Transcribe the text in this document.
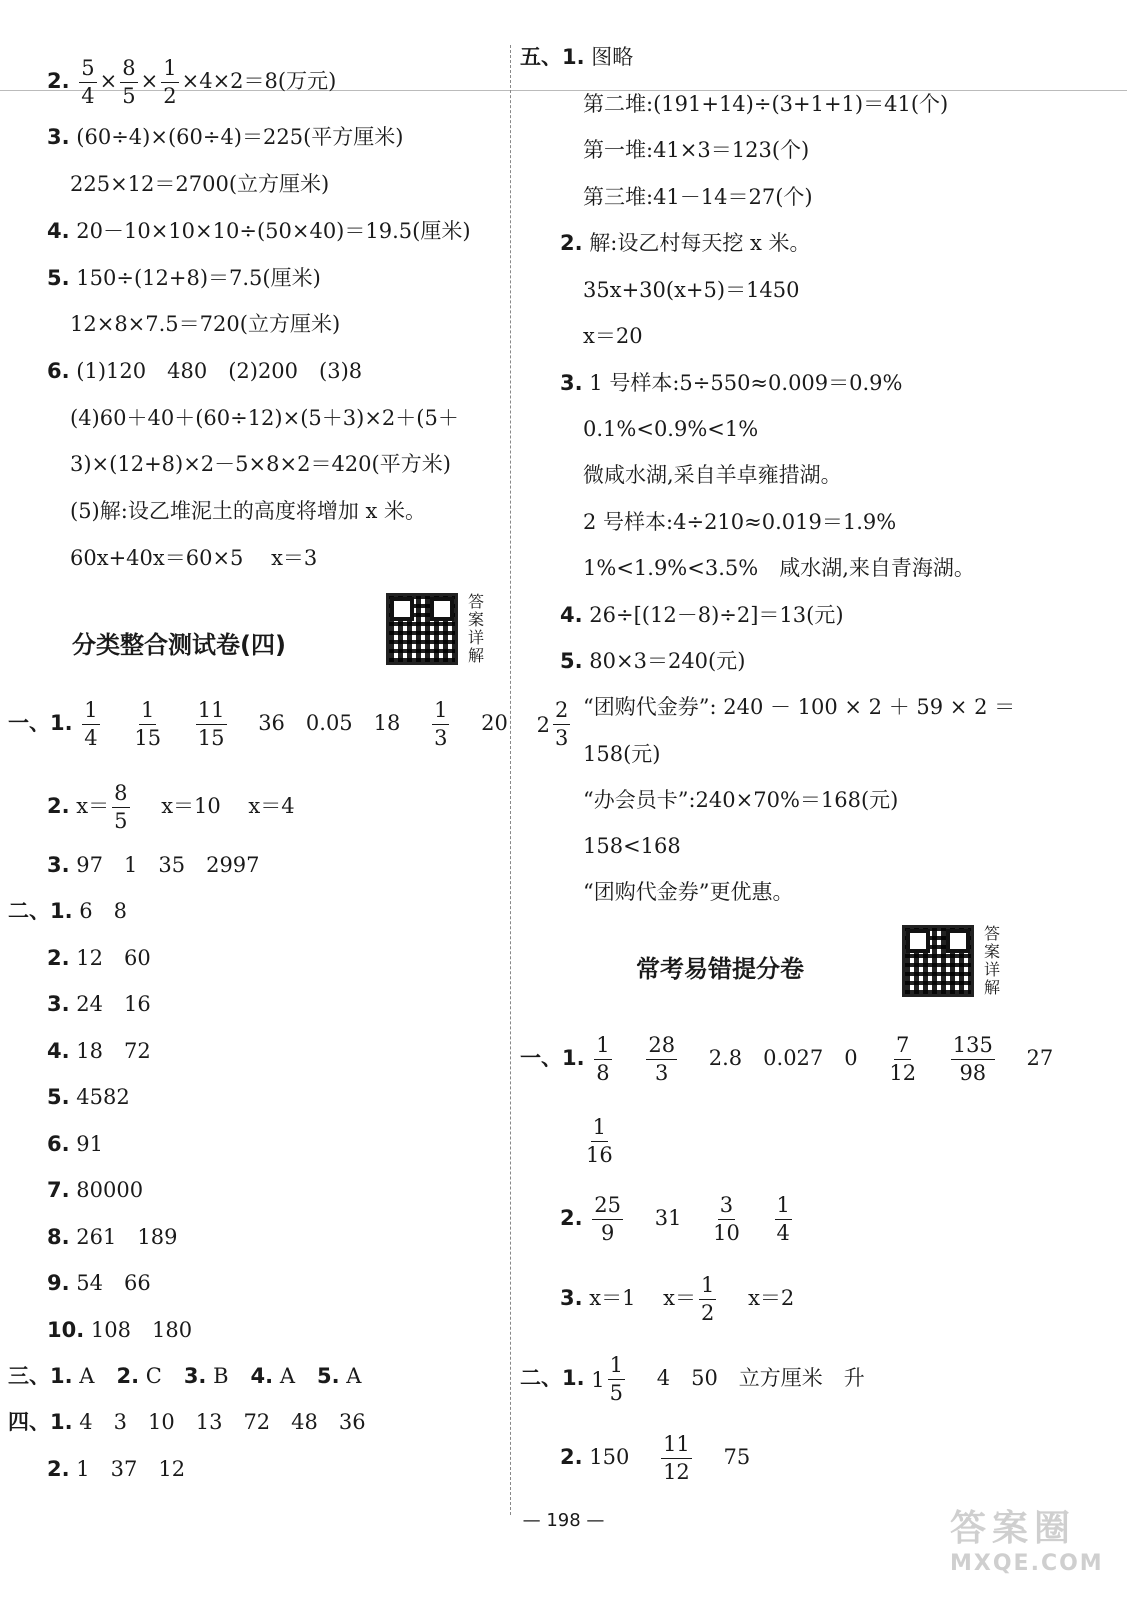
2. $\frac{5}{4} \times \frac{8}{5} \times \frac{1}{2} \times 4\times 2=8$(万元)
3. (60÷4)×(60÷4)＝225(平方厘米)
225×12＝2700(立方厘米)
4. 20－10×10×10÷(50×40)＝19.5(厘米)
5. 150÷(12+8)＝7.5(厘米)
12×8×7.5＝720(立方厘米)
6. (1)120　480　(2)200　(3)8
(4)60＋40＋(60÷12)×(5＋3)×2＋(5＋
3)×(12+8)×2－5×8×2＝420(平方米)
(5)解:设乙堆泥土的高度将增加 x 米。
60x+40x＝60×5　 x＝3
分类整合测试卷(四)
答案详解
一、1. $\frac{1}{4}$
$\frac{1}{15}$
$\frac{11}{15} 36$　0.05　$18 \frac{1}{3} 20$ 2
2
3
2. $x= \frac{8}{5} x=10$　 x＝4
3. 97　1　35　2997
二、1. 6　8
2. 12　60
3. 24　16
4. 18　72
5. 4582
6. 91
7. 80000
8. 261　189
9. 54　66
10. 108　180
三、1. A 2. C 3. B 4. A 5. A
四、1. 4　3　10　13　72　48　36
2. 1　37　12
五、1. 图略
第二堆:(191+14)÷(3+1+1)＝41(个)
第一堆:41×3＝123(个)
第三堆:41－14＝27(个)
2. 解:设乙村每天挖 x 米。
35x+30(x+5)＝1450
x＝20
3. 1 号样本:5÷550≈0.009＝0.9%
0.1%<0.9%<1%
微咸水湖,采自羊卓雍措湖。
2 号样本:4÷210≈0.019＝1.9%
1%<1.9%<3.5%　咸水湖,来自青海湖。
4. 26÷[(12－8)÷2]＝13(元)
5. 80×3＝240(元)
“团购代金券”: 240 － 100 × 2 ＋ 59 × 2 ＝
158(元)
“办会员卡”:240×70%＝168(元)
158<168
“团购代金券”更优惠。
常考易错提分卷
答案详解
一、1. $\frac{1}{8}$
$\frac{28}{3} 2.8$　0.027　$0 \frac{7}{12}$
$\frac{135}{98} 27$
$\frac{1}{16}$
2. $\frac{25}{9} 31 \frac{3}{10}$
$\frac{1}{4}$
3. x＝1　 $x= \frac{1}{2} x=2$
二、1. 1
1
5
4　50　立方厘米　升
2. $150 \frac{11}{12} 75$
— 198 —	答案圈
MXQE.COM
